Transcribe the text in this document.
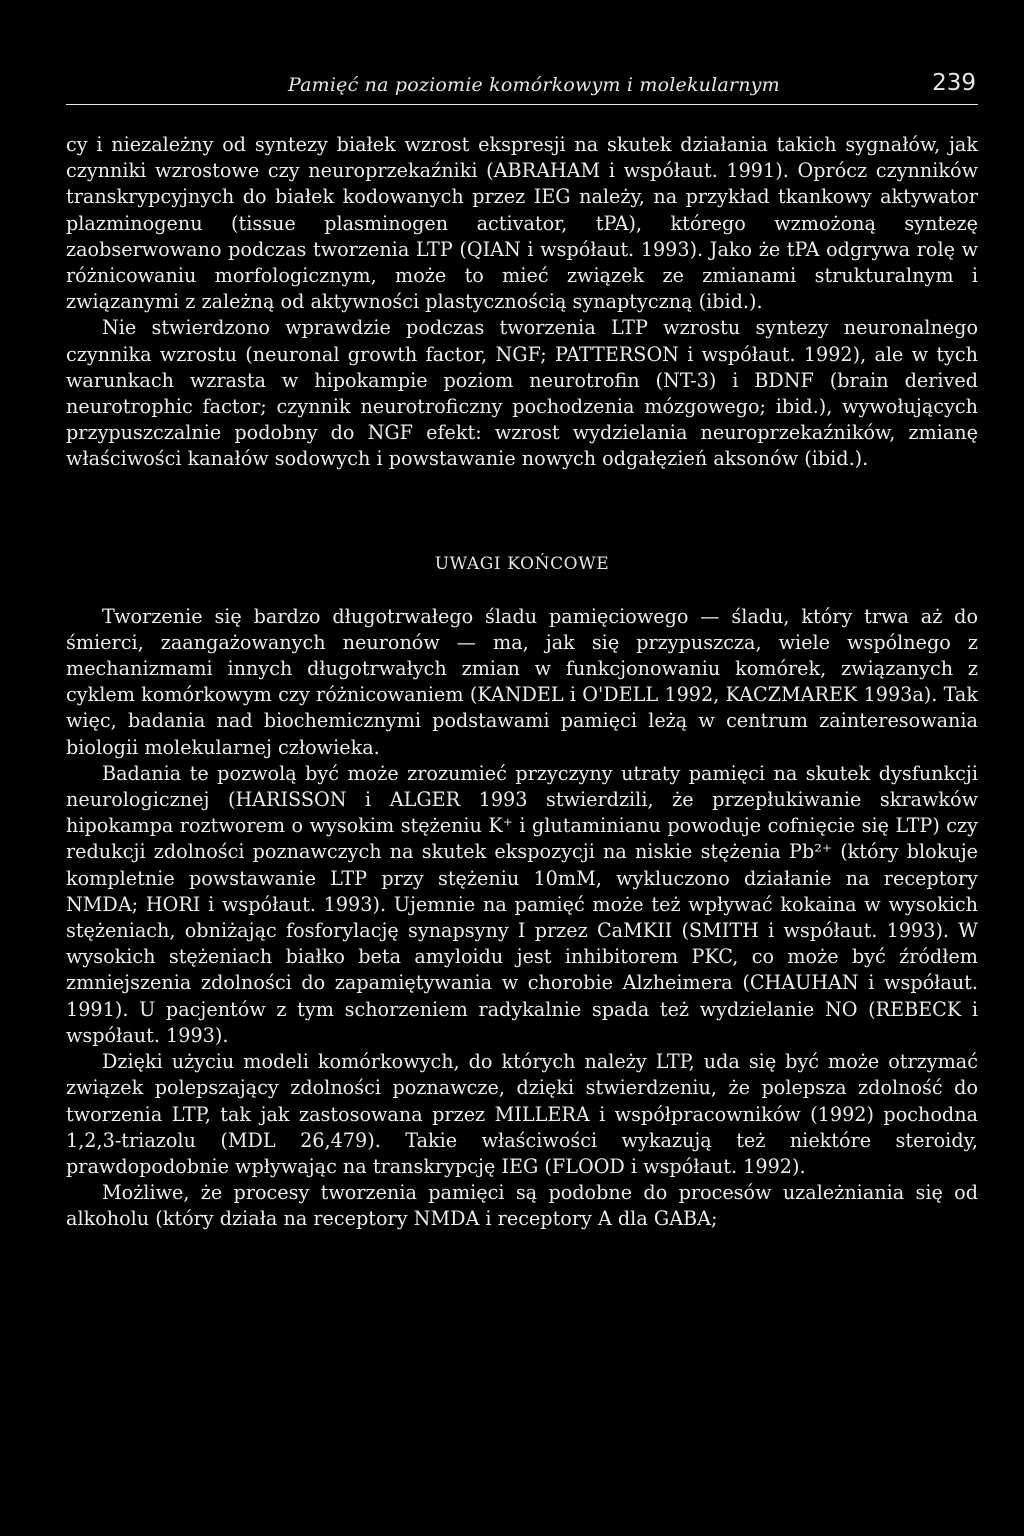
Pamięć na poziomie komórkowym i molekularnym	239

cy i niezależny od syntezy białek wzrost ekspresji na skutek działania takich sygnałów, jak czynniki wzrostowe czy neuroprzekaźniki (ABRAHAM i współaut. 1991). Oprócz czynników transkrypcyjnych do białek kodowanych przez IEG należy, na przykład tkankowy aktywator plazminogenu (tissue plasminogen activator, tPA), którego wzmożoną syntezę zaobserwowano podczas tworzenia LTP (QIAN i współaut. 1993). Jako że tPA odgrywa rolę w różnicowaniu morfologicznym, może to mieć związek ze zmianami strukturalnym i związanymi z zależną od aktywności plastycznością synaptyczną (ibid.).

Nie stwierdzono wprawdzie podczas tworzenia LTP wzrostu syntezy neuronalnego czynnika wzrostu (neuronal growth factor, NGF; PATTERSON i współaut. 1992), ale w tych warunkach wzrasta w hipokampie poziom neurotrofin (NT-3) i BDNF (brain derived neurotrophic factor; czynnik neurotroficzny pochodzenia mózgowego; ibid.), wywołujących przypuszczalnie podobny do NGF efekt: wzrost wydzielania neuroprzekaźników, zmianę właściwości kanałów sodowych i powstawanie nowych odgałęzień aksonów (ibid.).

UWAGI KOŃCOWE

Tworzenie się bardzo długotrwałego śladu pamięciowego — śladu, który trwa aż do śmierci, zaangażowanych neuronów — ma, jak się przypuszcza, wiele wspólnego z mechanizmami innych długotrwałych zmian w funkcjonowaniu komórek, związanych z cyklem komórkowym czy różnicowaniem (KANDEL i O'DELL 1992, KACZMAREK 1993a). Tak więc, badania nad biochemicznymi podstawami pamięci leżą w centrum zainteresowania biologii molekularnej człowieka.

Badania te pozwolą być może zrozumieć przyczyny utraty pamięci na skutek dysfunkcji neurologicznej (HARISSON i ALGER 1993 stwierdzili, że przepłukiwanie skrawków hipokampa roztworem o wysokim stężeniu K⁺ i glutaminianu powoduje cofnięcie się LTP) czy redukcji zdolności poznawczych na skutek ekspozycji na niskie stężenia Pb²⁺ (który blokuje kompletnie powstawanie LTP przy stężeniu 10mM, wykluczono działanie na receptory NMDA; HORI i współaut. 1993). Ujemnie na pamięć może też wpływać kokaina w wysokich stężeniach, obniżając fosforylację synapsyny I przez CaMKII (SMITH i współaut. 1993). W wysokich stężeniach białko beta amyloidu jest inhibitorem PKC, co może być źródłem zmniejszenia zdolności do zapamiętywania w chorobie Alzheimera (CHAUHAN i współaut. 1991). U pacjentów z tym schorzeniem radykalnie spada też wydzielanie NO (REBECK i współaut. 1993).

Dzięki użyciu modeli komórkowych, do których należy LTP, uda się być może otrzymać związek polepszający zdolności poznawcze, dzięki stwierdzeniu, że polepsza zdolność do tworzenia LTP, tak jak zastosowana przez MILLERA i współpracowników (1992) pochodna 1,2,3-triazolu (MDL 26,479). Takie właściwości wykazują też niektóre steroidy, prawdopodobnie wpływając na transkrypcję IEG (FLOOD i współaut. 1992).

Możliwe, że procesy tworzenia pamięci są podobne do procesów uzależniania się od alkoholu (który działa na receptory NMDA i receptory A dla GABA;
